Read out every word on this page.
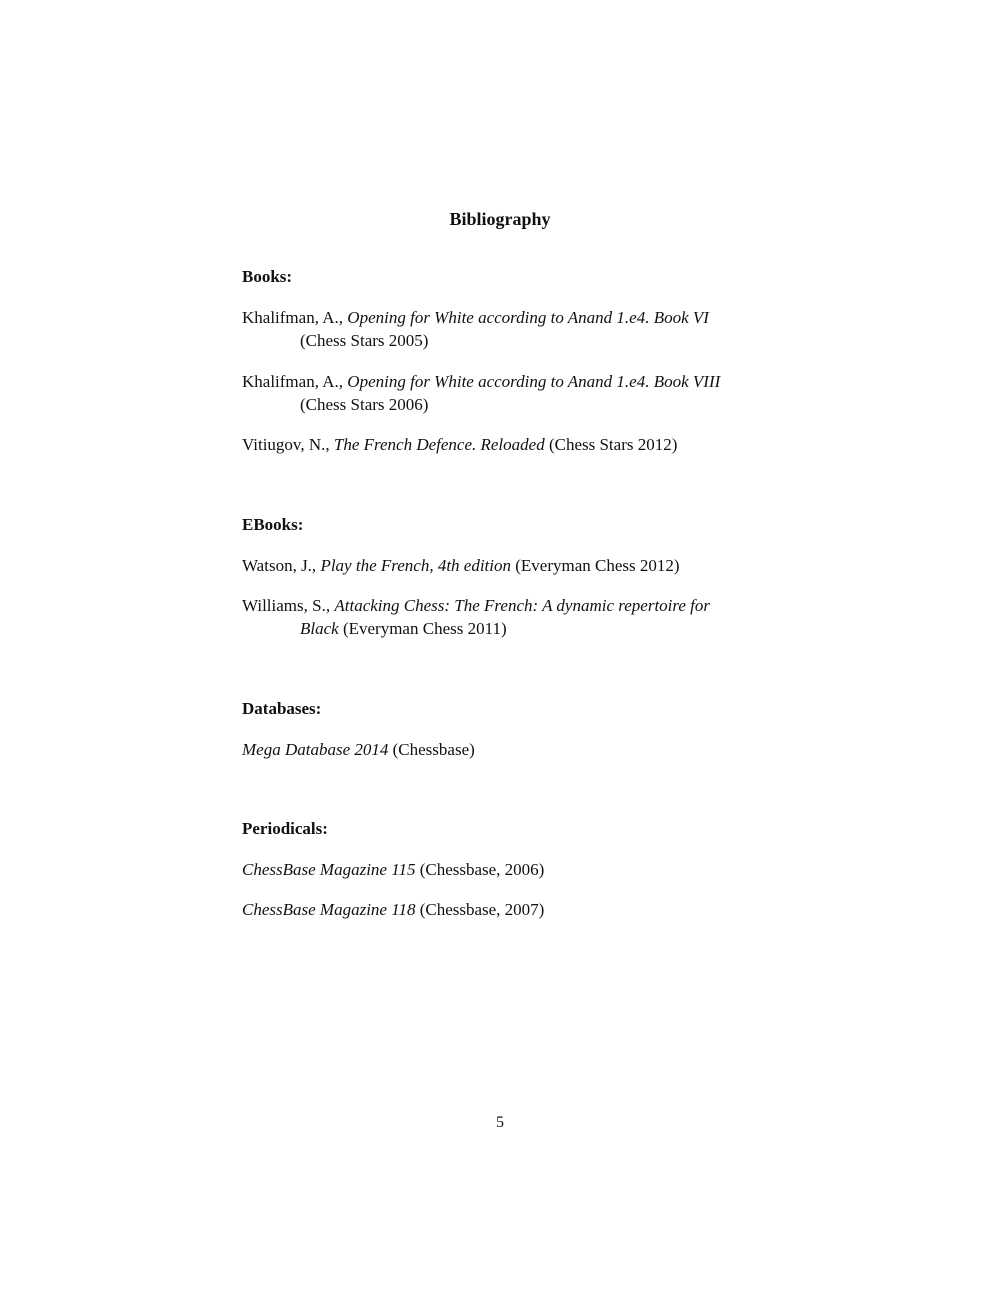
Bibliography
Books:
Khalifman, A., Opening for White according to Anand 1.e4. Book VI
(Chess Stars 2005)
Khalifman, A., Opening for White according to Anand 1.e4. Book VIII
(Chess Stars 2006)
Vitiugov, N., The French Defence. Reloaded (Chess Stars 2012)
EBooks:
Watson, J., Play the French, 4th edition (Everyman Chess 2012)
Williams, S., Attacking Chess: The French: A dynamic repertoire for
Black (Everyman Chess 2011)
Databases:
Mega Database 2014 (Chessbase)
Periodicals:
ChessBase Magazine 115 (Chessbase, 2006)
ChessBase Magazine 118 (Chessbase, 2007)
5
